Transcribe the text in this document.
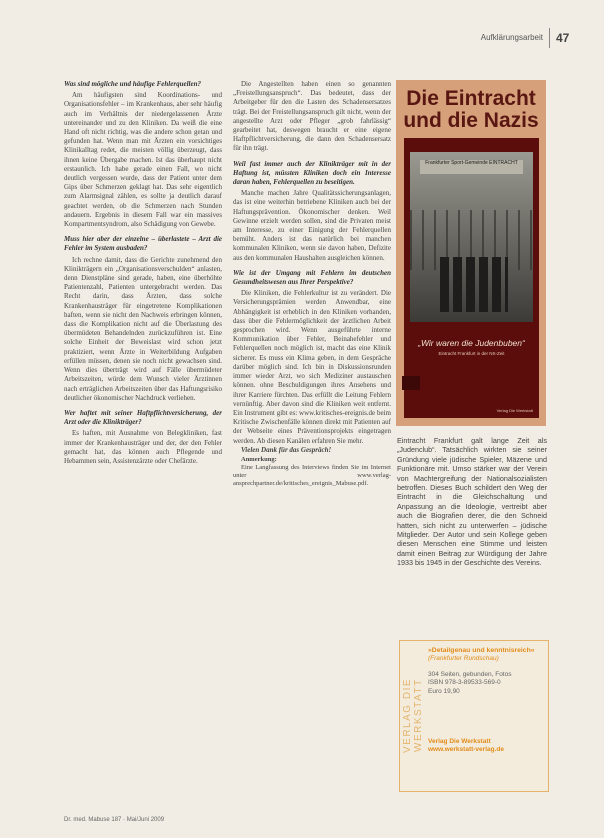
Aufklärungsarbeit 47

Was sind mögliche und häufige Fehlerquellen?

Am häufigsten sind Koordinations- und Organisationsfehler – im Krankenhaus, aber sehr häufig auch im Verhältnis der niedergelassenen Ärzte untereinander und zu den Kliniken. Da weiß die eine Hand oft nicht richtig, was die andere schon getan und gefunden hat. Wenn man mit Ärzten ein vorsichtiges Klinikalltag redet, die meisten völlig überzeugt, dass ihnen keine Übergabe machen. Ist das überhaupt nicht erstaunlich. Ich habe gerade einen Fall, wo nicht deutlich vergessen wurde, dass der Patient unter dem Gips über Schmerzen geklagt hat. Das sehr eigentlich zum Alarmsignal zählen, es sollte ja deutlich darauf geachtet werden, ob die Schmerzen nach Stunden andauern. Ergebnis in diesem Fall war ein massives Kompartmentsyndrom, also Schädigung von Gewebe.

Muss hier aber der einzelne – überlastete – Arzt die Fehler im System ausbaden?

Ich rechne damit, dass die Gerichte zunehmend den Klinikträgern ein „Organisationsverschulden“ anlasten, denn Dienstpläne sind gerade, haben, eine überhöhte Patientenzahl, Patienten untergebracht werden. Das Recht darin, dass Ärzten, dass solche Krankenhausträger für eingetretene Komplikationen haften, wenn sie nicht den Nachweis erbringen können, dass die Komplikation nicht auf die Überlastung des übermüdeten Behandelnden zurückzuführen ist. Eine solche Einheit der Beweislast wird schon jetzt praktiziert, wenn Ärzte in Weiterbildung Aufgaben erfüllen müssen, denen sie noch nicht gewachsen sind. Wenn dies überträgt wird auf Fälle übermüdeter Arbeitszeiten, würde dem Wunsch vieler Ärztinnen nach erträglichen Arbeitszeiten über das Haftungsrisiko deutlicher ökonomischer Nachdruck verliehen.

Wer haftet mit seiner Haftpflichtversicherung, der Arzt oder die Klinikträger?

Es haften, mit Ausnahme von Belegkliniken, fast immer der Krankenhausträger und der, der den Fehler gemacht hat, das können auch Pflegende und Hebammen sein, Assistenzärzte oder Chefärzte.

Die Angestellten haben einen so genannten „Freistellungsanspruch“. Das bedeutet, dass der Arbeitgeber für den die Lasten des Schadensersatzes trägt. Bei der Freistellungsanspruch gilt nicht, wenn der angestellte Arzt oder Pfleger „grob fahrlässig“ gearbeitet hat, deswegen braucht er eine eigene Haftpflichtversicherung, die dann den Schadensersatz für ihn trägt.

Weil fast immer auch der Klinikträger mit in der Haftung ist, müssten Kliniken doch ein Interesse daran haben, Fehlerquellen zu beseitigen.

Manche machen Jahre Qualitätssicherungsanlagen, das ist eine weiterhin betriebene Kliniken auch bei der Haftungsprävention. Ökonomischer denken. Weil Gewinne erzielt werden sollen, sind die Privaten meist am Interesse, zu einer Einigung der Fehlerquellen bemüht. Anders ist das natürlich bei manchen kommunalen Kliniken, wenn sie davon haben, Defizite aus den kommunalen Haushalten ausgleichen können.

Wie ist der Umgang mit Fehlern im deutschen Gesundheitswesen aus Ihrer Perspektive?

Die Kliniken, die Fehlerkultur ist zu verändert. Die Versicherungsprämien werden Anwendbar, eine Abhängigkeit ist erheblich in den Kliniken vorhanden, dass über die Fehlermöglichkeit der ärztlichen Arbeit gesprochen wird. Wenn ausgeführte interne Kommunikation über Fehler, Beinahefehler und Fehlerquellen noch möglich ist, macht das eine Klinik sicherer. Es muss ein Klima geben, in dem Gespräche darüber möglich sind. Ich bin in Diskussionsrunden immer wieder Arzt, wo sich Mediziner austauschen können. ohne Beschuldigungen ihres Ansehens und ihrer Karriere fürchten. Das erfüllt die Leitung Fehlern vernünftig. Aber davon sind die Kliniken weit entfernt. Ein Instrument gibt es: www.kritisches-ereignis.de beim Kritische Zwischenfälle können direkt mit Patienten auf der Webseite eines Präventionsprojekts eingetragen werden. Ab diesen Kanälen erfahren Sie mehr.

Vielen Dank für das Gespräch!

Anmerkung:

Eine Langfassung des Interviews finden Sie im Internet unter www.verlag-ansprechpartner.de/kritisches_ereignis_Mabuse.pdf.

Die Eintracht
und die Nazis
Frankfurter Sport-Gemeinde EINTRACHT
„Wir waren die Judenbuben“
Eintracht Frankfurt in der NS-Zeit
Verlag Die Werkstatt

Eintracht Frankfurt galt lange Zeit als „Judenclub“. Tatsächlich wirkten sie seiner Gründung viele jüdische Spieler, Mäzene und Funktionäre mit. Umso stärker war der Verein von Machtergreifung der Nationalsozialisten betroffen. Dieses Buch schildert den Weg der Eintracht in die Gleichschaltung und Anpassung an die Ideologie, vertreibt aber auch die Biografien derer, die den Schneid hatten, sich nicht zu unterwerfen – jüdische Mitglieder. Der Autor und sein Kollege geben diesen Menschen eine Stimme und leisten damit einen Beitrag zur Würdigung der Jahre 1933 bis 1945 in der Geschichte des Vereins.

VERLAG DIE WERKSTATT
»Detailgenau und kenntnisreich«
(Frankfurter Rundschau)
304 Seiten, gebunden, Fotos
ISBN 978-3-89533-569-0
Euro 19,90
Verlag Die Werkstatt
www.werkstatt-verlag.de
Dr. med. Mabuse 187 · Mai/Juni 2009
